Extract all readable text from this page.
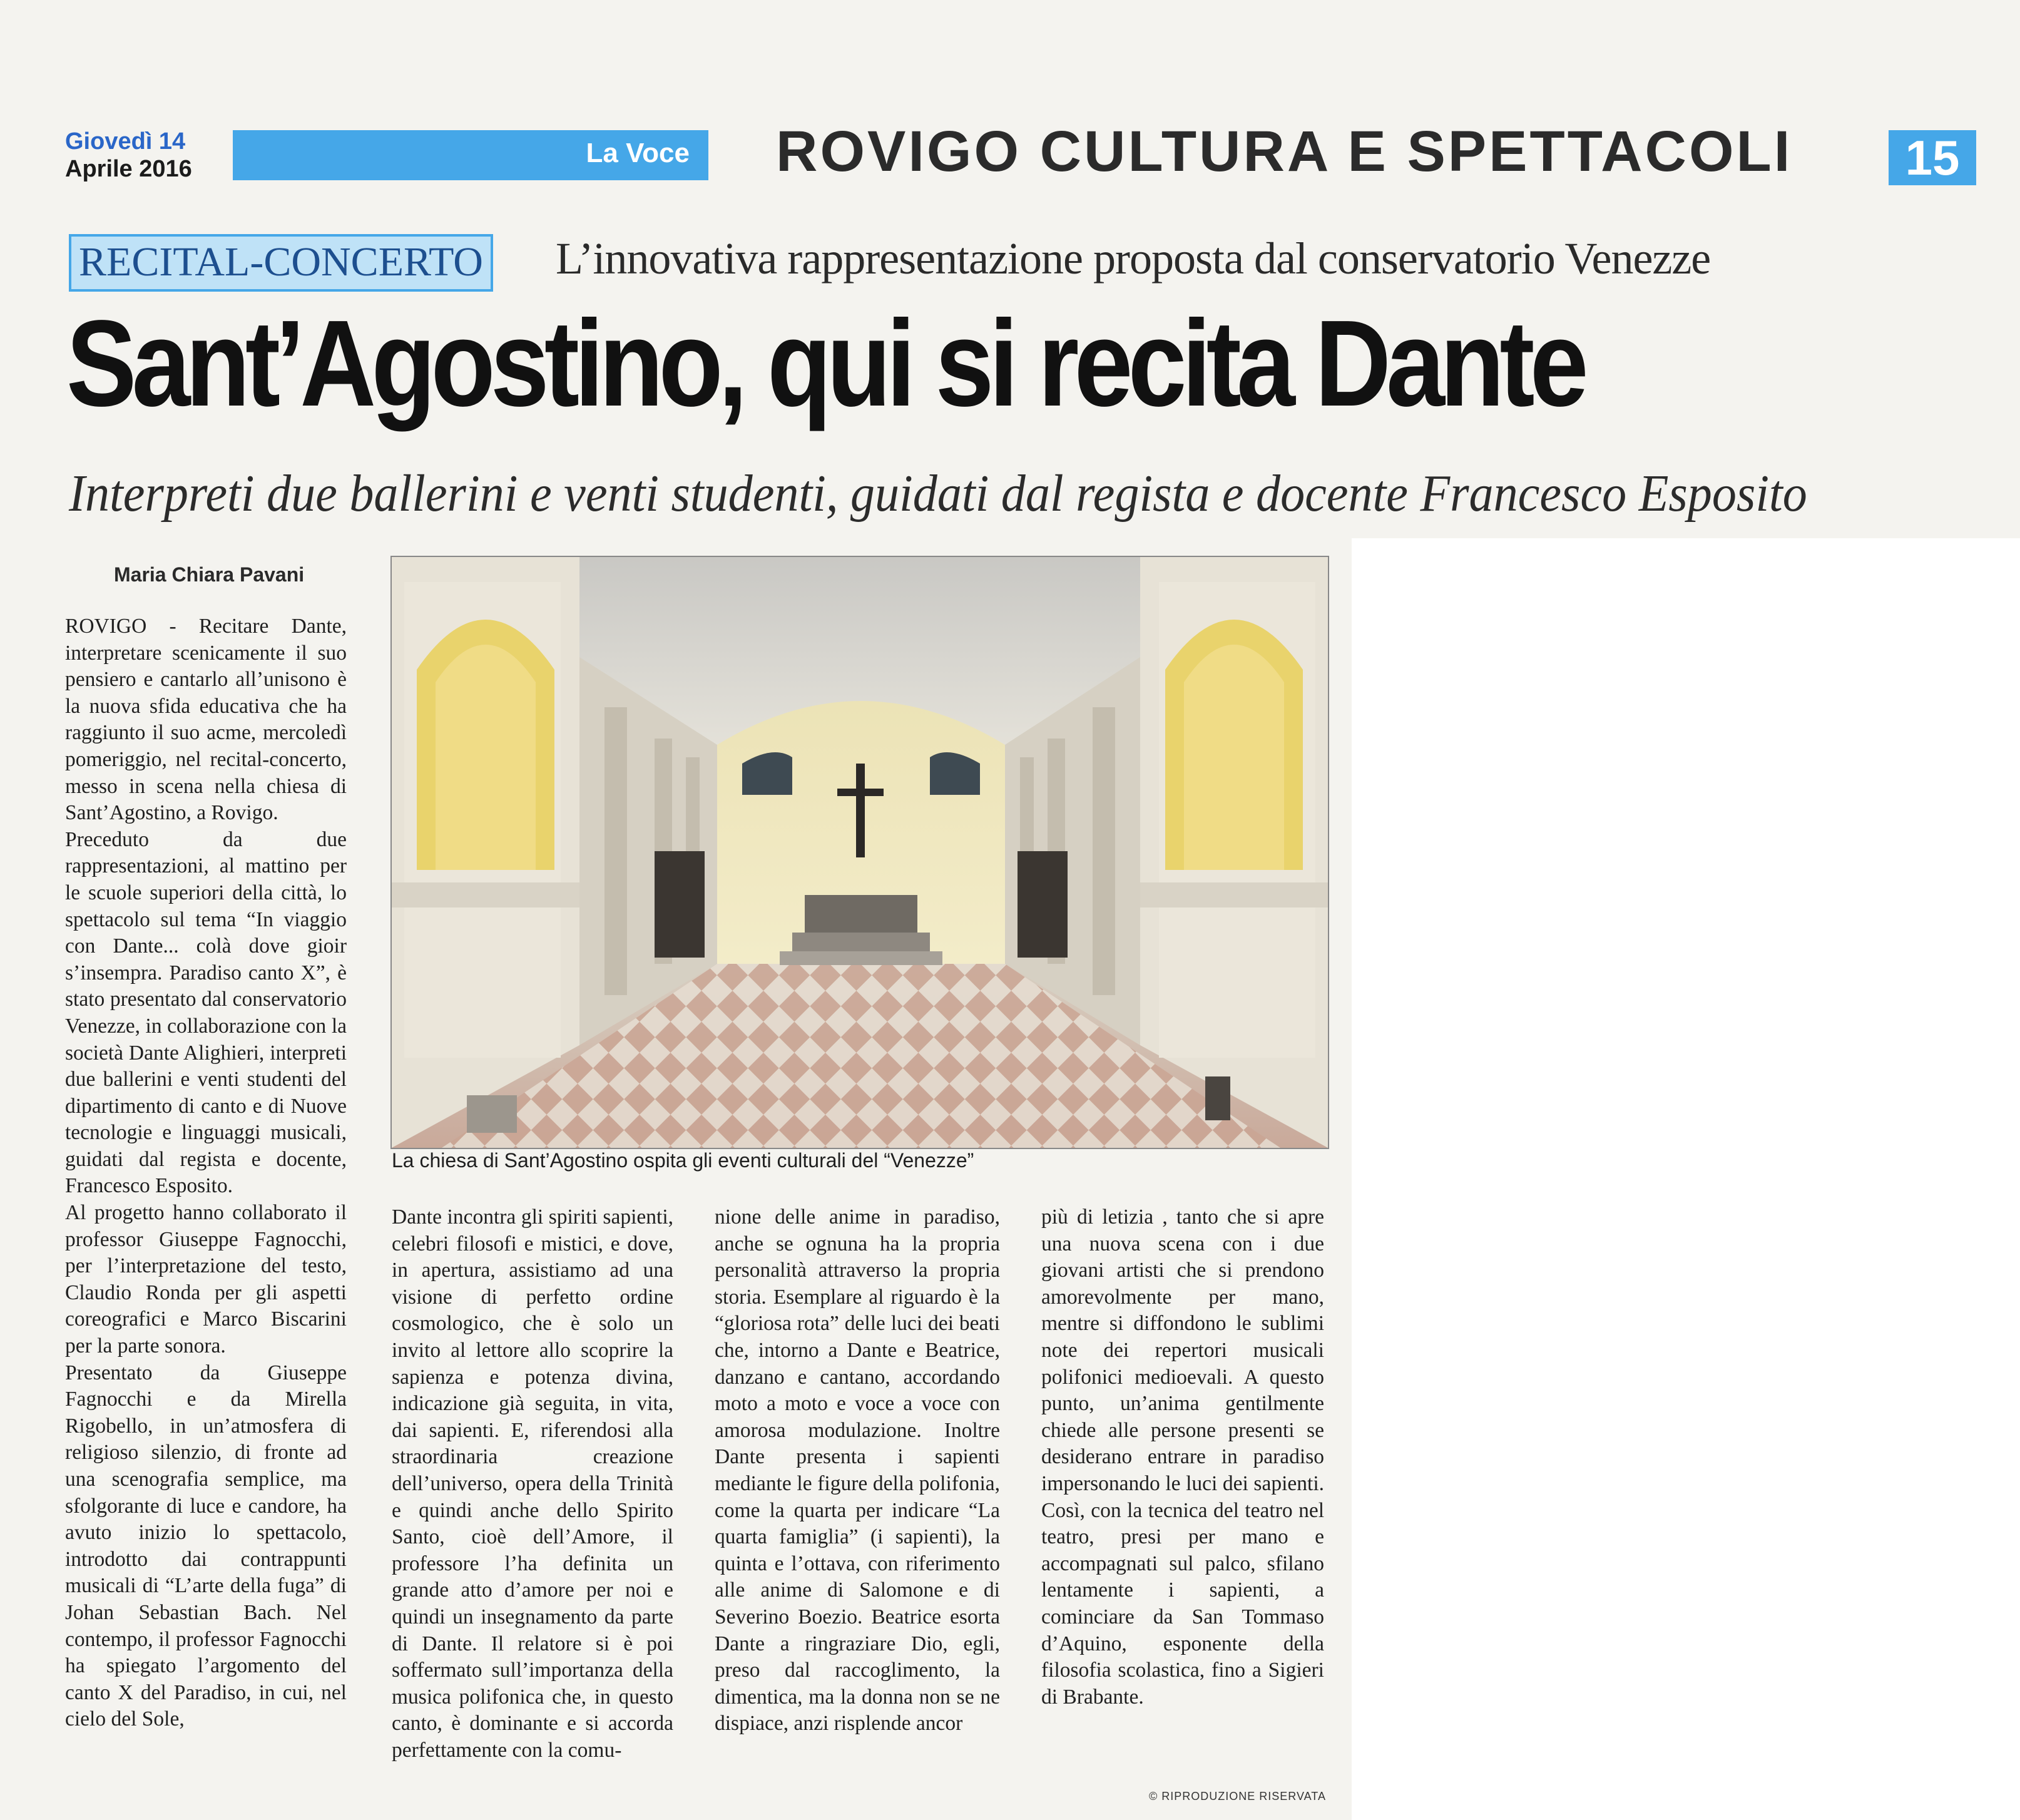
Giovedì 14
Aprile 2016
La Voce ROVIGO CULTURA E SPETTACOLI	15
RECITAL-CONCERTO L’innovativa rappresentazione proposta dal conservatorio Venezze
Sant’Agostino, qui si recita Dante
Interpreti due ballerini e venti studenti, guidati dal regista e docente Francesco Esposito
Maria Chiara Pavani
ROVIGO - Recitare Dante, interpretare scenicamente il suo pensiero e cantarlo all’unisono è la nuova sfida educativa che ha raggiunto il suo acme, mercoledì pomeriggio, nel recital-concerto, messo in scena nella chiesa di Sant’Agostino, a Rovigo.
Preceduto da due rappresentazioni, al mattino per le scuole superiori della città, lo spettacolo sul tema “In viaggio con Dante... colà dove gioir s’insempra. Paradiso canto X”, è stato presentato dal conservatorio Venezze, in collaborazione con la società Dante Alighieri, interpreti due ballerini e venti studenti del dipartimento di canto e di Nuove tecnologie e linguaggi musicali, guidati dal regista e docente, Francesco Esposito.
Al progetto hanno collaborato il professor Giuseppe Fagnocchi, per l’interpretazione del testo, Claudio Ronda per gli aspetti coreografici e Marco Biscarini per la parte sonora.
Presentato da Giuseppe Fagnocchi e da Mirella Rigobello, in un’atmosfera di religioso silenzio, di fronte ad una scenografia semplice, ma sfolgorante di luce e candore, ha avuto inizio lo spettacolo, introdotto dai contrappunti musicali di “L’arte della fuga” di Johan Sebastian Bach. Nel contempo, il professor Fagnocchi ha spiegato l’argomento del canto X del Paradiso, in cui, nel cielo del Sole,
La chiesa di Sant’Agostino ospita gli eventi culturali del “Venezze”
Dante incontra gli spiriti sapienti, celebri filosofi e mistici, e dove, in apertura, assistiamo ad una visione di perfetto ordine cosmologico, che è solo un invito al lettore allo scoprire la sapienza e potenza divina, indicazione già seguita, in vita, dai sapienti. E, riferendosi alla straordinaria creazione dell’universo, opera della Trinità e quindi anche dello Spirito Santo, cioè dell’Amore, il professore l’ha definita un grande atto d’amore per noi e quindi un insegnamento da parte di Dante. Il relatore si è poi soffermato sull’importanza della musica polifonica che, in questo canto, è dominante e si accorda perfettamente con la comu-
nione delle anime in paradiso, anche se ognuna ha la propria personalità attraverso la propria storia. Esemplare al riguardo è la “gloriosa rota” delle luci dei beati che, intorno a Dante e Beatrice, danzano e cantano, accordando moto a moto e voce a voce con amorosa modulazione. Inoltre Dante presenta i sapienti mediante le figure della polifonia, come la quarta per indicare “La quarta famiglia” (i sapienti), la quinta e l’ottava, con riferimento alle anime di Salomone e di Severino Boezio. Beatrice esorta Dante a ringraziare Dio, egli, preso dal raccoglimento, la dimentica, ma la donna non se ne dispiace, anzi risplende ancor
più di letizia , tanto che si apre una nuova scena con i due giovani artisti che si prendono amorevolmente per mano, mentre si diffondono le sublimi note dei repertori musicali polifonici medioevali. A questo punto, un’anima gentilmente chiede alle persone presenti se desiderano entrare in paradiso impersonando le luci dei sapienti. Così, con la tecnica del teatro nel teatro, presi per mano e accompagnati sul palco, sfilano lentamente i sapienti, a cominciare da San Tommaso d’Aquino, esponente della filosofia scolastica, fino a Sigieri di Brabante.
© RIPRODUZIONE RISERVATA
